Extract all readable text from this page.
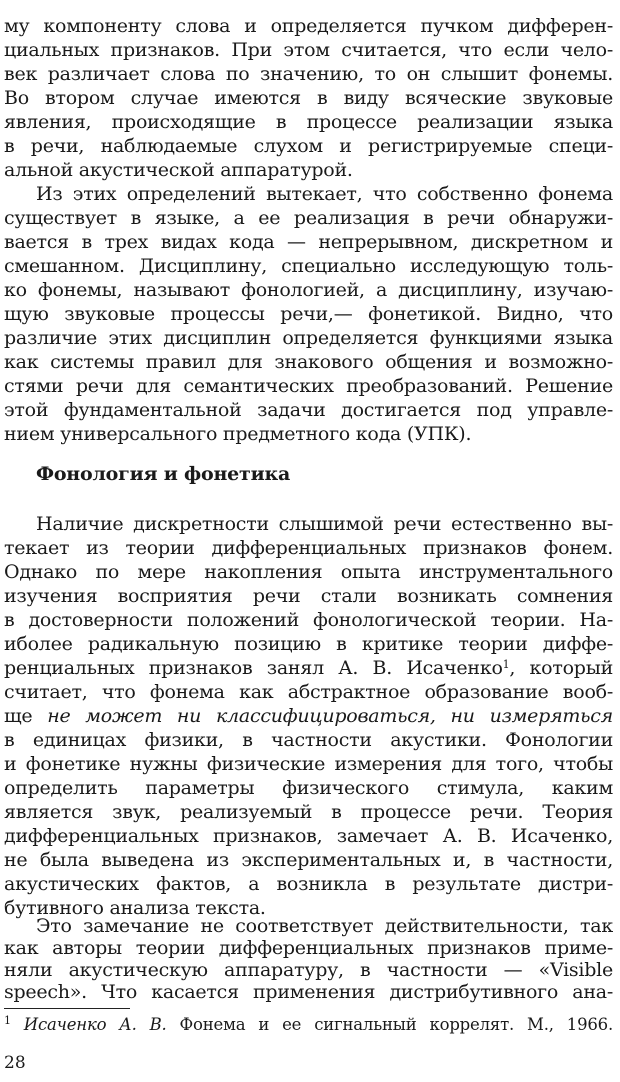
му компоненту слова и определяется пучком дифферен-
циальных признаков. При этом считается, что если чело-
век различает слова по значению, то он слышит фонемы.
Во втором случае имеются в виду всяческие звуковые
явления, происходящие в процессе реализации языка
в речи, наблюдаемые слухом и регистрируемые специ-
альной акустической аппаратурой.
Из этих определений вытекает, что собственно фонема
существует в языке, а ее реализация в речи обнаружи-
вается в трех видах кода — непрерывном, дискретном и
смешанном. Дисциплину, специально исследующую толь-
ко фонемы, называют фонологией, а дисциплину, изучаю-
щую звуковые процессы речи,— фонетикой. Видно, что
различие этих дисциплин определяется функциями языка
как системы правил для знакового общения и возможно-
стями речи для семантических преобразований. Решение
этой фундаментальной задачи достигается под управле-
нием универсального предметного кода (УПК).
Фонология и фонетика
Наличие дискретности слышимой речи естественно вы-
текает из теории дифференциальных признаков фонем.
Однако по мере накопления опыта инструментального
изучения восприятия речи стали возникать сомнения
в достоверности положений фонологической теории. На-
иболее радикальную позицию в критике теории диффе-
ренциальных признаков занял А. В. Исаченко$^1$, который
считает, что фонема как абстрактное образование вооб-
ще не может ни классифицироваться, ни измеряться
в единицах физики, в частности акустики. Фонологии
и фонетике нужны физические измерения для того, чтобы
определить параметры физического стимула, каким
является звук, реализуемый в процессе речи. Теория
дифференциальных признаков, замечает А. В. Исаченко,
не была выведена из экспериментальных и, в частности,
акустических фактов, а возникла в результате дистри-
бутивного анализа текста.
Это замечание не соответствует действительности, так
как авторы теории дифференциальных признаков приме-
няли акустическую аппаратуру, в частности — «Visible
speech». Что касается применения дистрибутивного ана-
$^1$ Исаченко А. В. Фонема и ее сигнальный коррелят. М., 1966.
28
